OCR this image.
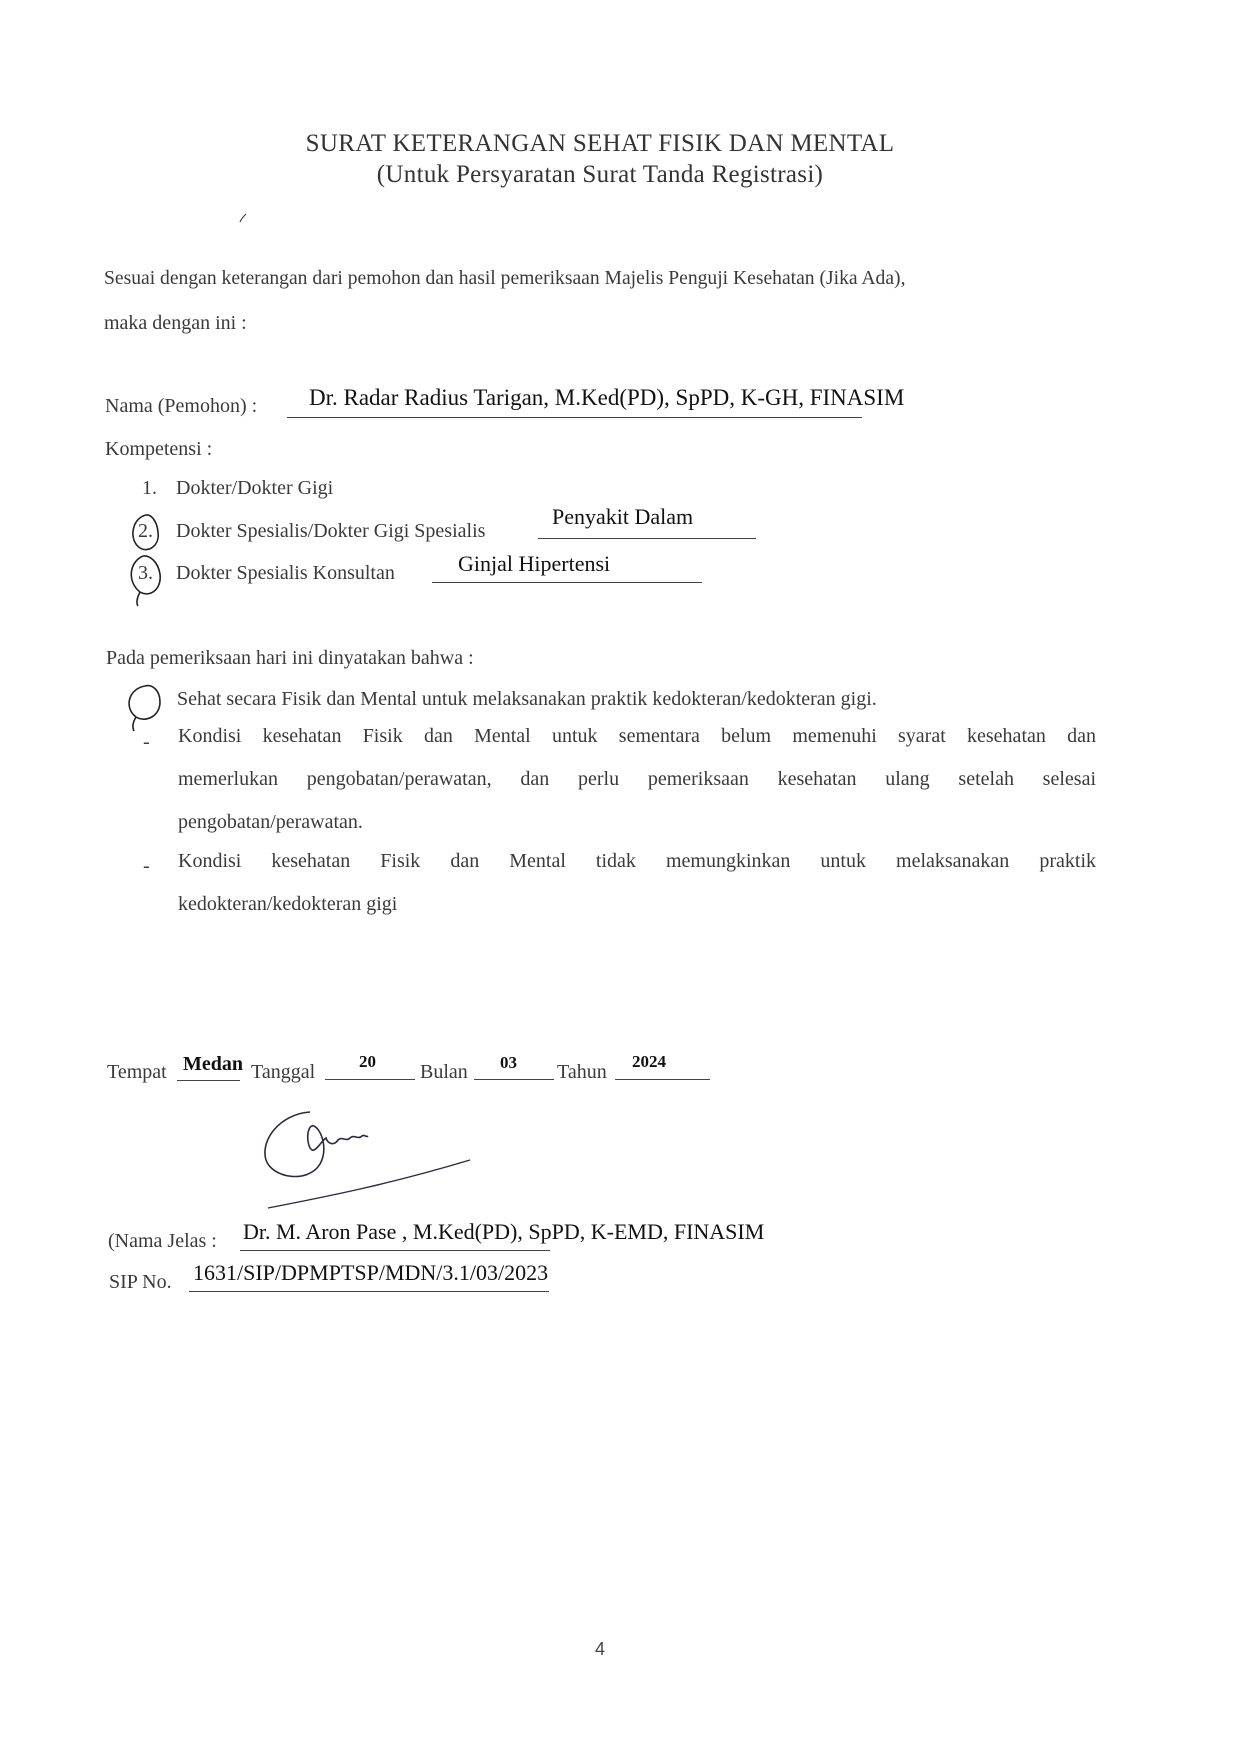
SURAT KETERANGAN SEHAT FISIK DAN MENTAL
(Untuk Persyaratan Surat Tanda Registrasi)
Sesuai dengan keterangan dari pemohon dan hasil pemeriksaan Majelis Penguji Kesehatan (Jika Ada),
maka dengan ini :
Nama (Pemohon) : Dr. Radar Radius Tarigan, M.Ked(PD), SpPD, K-GH, FINASIM
Kompetensi :
1. Dokter/Dokter Gigi
2. Dokter Spesialis/Dokter Gigi Spesialis
Penyakit Dalam
3. Dokter Spesialis Konsultan	Ginjal Hipertensi
Pada pemeriksaan hari ini dinyatakan bahwa :
Sehat secara Fisik dan Mental untuk melaksanakan praktik kedokteran/kedokteran gigi.
- Kondisi kesehatan Fisik dan Mental untuk sementara belum memenuhi syarat kesehatan dan
memerlukan pengobatan/perawatan, dan perlu pemeriksaan kesehatan ulang setelah selesai
pengobatan/perawatan.
- Kondisi kesehatan Fisik dan Mental tidak memungkinkan untuk melaksanakan praktik
kedokteran/kedokteran gigi
Tempat Medan Tanggal	20 Bulan 03 Tahun 2024
(Nama Jelas : Dr. M. Aron Pase , M.Ked(PD), SpPD, K-EMD, FINASIM
SIP No. 1631/SIP/DPMPTSP/MDN/3.1/03/2023
4
